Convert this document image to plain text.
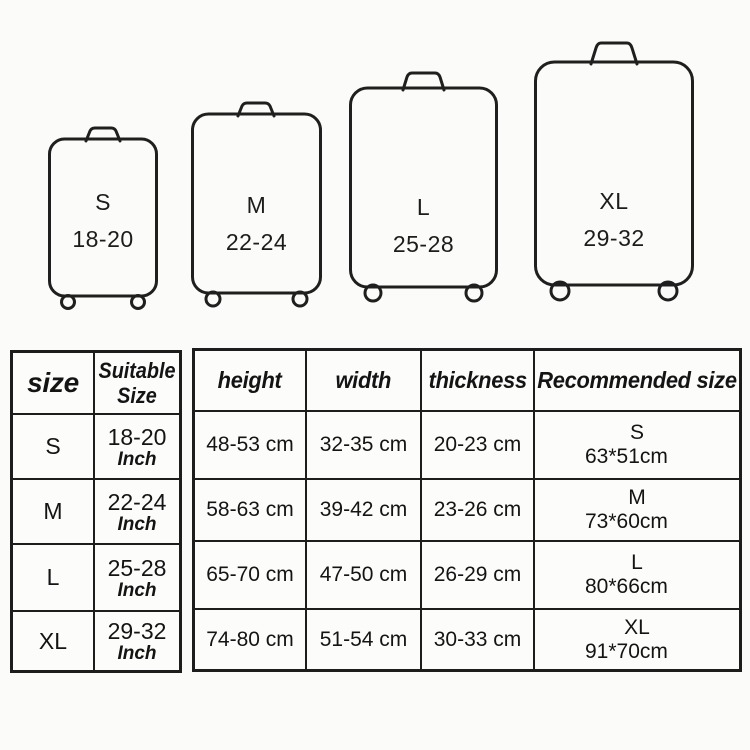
S
18-20
M
22-24
L
25-28
XL
29-32
size Suitable Size
S 18-20
Inch
M 22-24
Inch
L 25-28
Inch
XL 29-32
Inch
height width thickness Recommended size
48-53 cm 32-35 cm 20-23 cm
S
63*51cm
58-63 cm 39-42 cm 23-26 cm
M
73*60cm
65-70 cm 47-50 cm 26-29 cm
L
80*66cm
74-80 cm 51-54 cm 30-33 cm
XL
91*70cm
